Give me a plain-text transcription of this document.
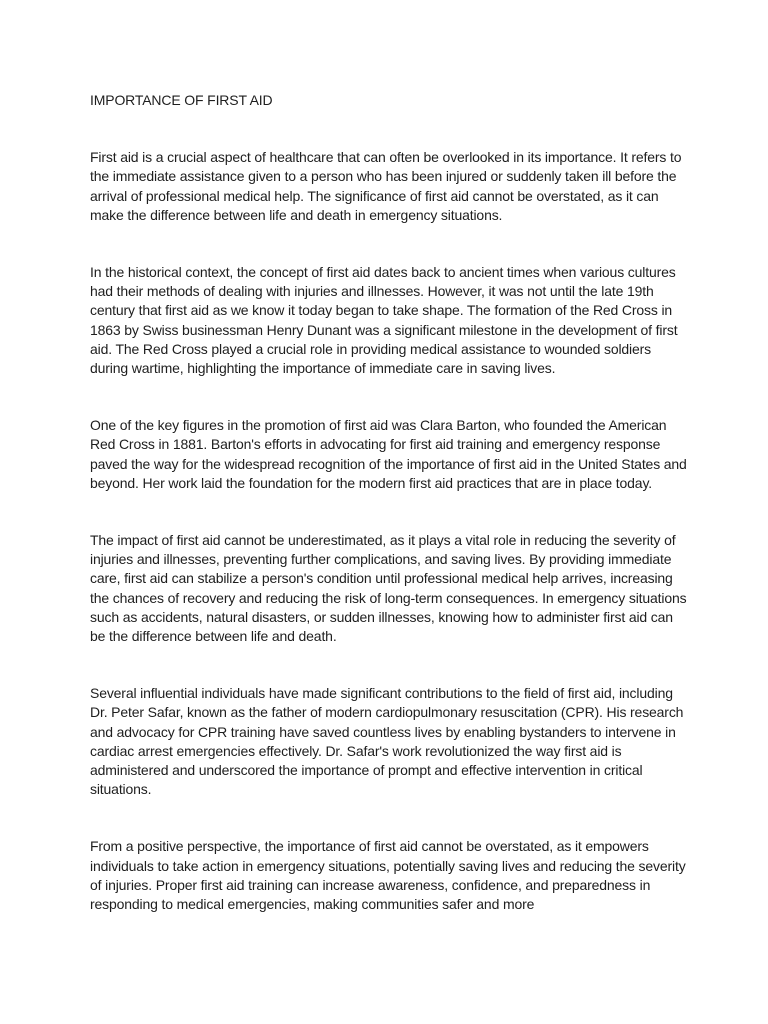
IMPORTANCE OF FIRST AID

First aid is a crucial aspect of healthcare that can often be overlooked in its importance. It refers to the immediate assistance given to a person who has been injured or suddenly taken ill before the arrival of professional medical help. The significance of first aid cannot be overstated, as it can make the difference between life and death in emergency situations.

In the historical context, the concept of first aid dates back to ancient times when various cultures had their methods of dealing with injuries and illnesses. However, it was not until the late 19th century that first aid as we know it today began to take shape. The formation of the Red Cross in 1863 by Swiss businessman Henry Dunant was a significant milestone in the development of first aid. The Red Cross played a crucial role in providing medical assistance to wounded soldiers during wartime, highlighting the importance of immediate care in saving lives.

One of the key figures in the promotion of first aid was Clara Barton, who founded the American Red Cross in 1881. Barton's efforts in advocating for first aid training and emergency response paved the way for the widespread recognition of the importance of first aid in the United States and beyond. Her work laid the foundation for the modern first aid practices that are in place today.

The impact of first aid cannot be underestimated, as it plays a vital role in reducing the severity of injuries and illnesses, preventing further complications, and saving lives. By providing immediate care, first aid can stabilize a person's condition until professional medical help arrives, increasing the chances of recovery and reducing the risk of long-term consequences. In emergency situations such as accidents, natural disasters, or sudden illnesses, knowing how to administer first aid can be the difference between life and death.

Several influential individuals have made significant contributions to the field of first aid, including Dr. Peter Safar, known as the father of modern cardiopulmonary resuscitation (CPR). His research and advocacy for CPR training have saved countless lives by enabling bystanders to intervene in cardiac arrest emergencies effectively. Dr. Safar's work revolutionized the way first aid is administered and underscored the importance of prompt and effective intervention in critical situations.

From a positive perspective, the importance of first aid cannot be overstated, as it empowers individuals to take action in emergency situations, potentially saving lives and reducing the severity of injuries. Proper first aid training can increase awareness, confidence, and preparedness in responding to medical emergencies, making communities safer and more
